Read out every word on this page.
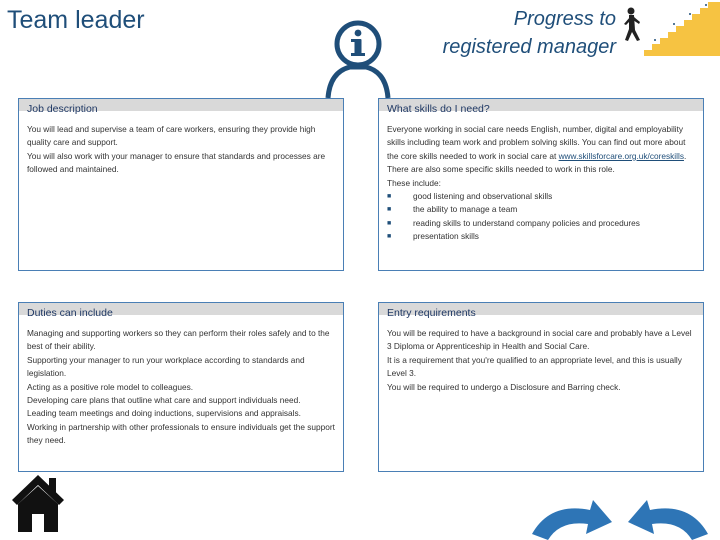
Team leader	Progress to
registered manager
Job description

You will lead and supervise a team of care workers, ensuring they provide high quality care and support.

You will also work with your manager to ensure that standards and processes are followed and maintained.

What skills do I need?

Everyone working in social care needs English, number, digital and employability skills including team work and problem solving skills. You can find out more about the core skills needed to work in social care at www.skillsforcare.org.uk/coreskills.

There are also some specific skills needed to work in this role.

These include:

■	good listening and observational skills
■	the ability to manage a team
■	reading skills to understand company policies and procedures
■	presentation skills
Duties can include

Managing and supporting workers so they can perform their roles safely and to the best of their ability.

Supporting your manager to run your workplace according to standards and legislation.

Acting as a positive role model to colleagues.

Developing care plans that outline what care and support individuals need.

Leading team meetings and doing inductions, supervisions and appraisals.

Working in partnership with other professionals to ensure individuals get the support they need.

Entry requirements

You will be required to have a background in social care and probably have a Level 3 Diploma or Apprenticeship in Health and Social Care.

It is a requirement that you're qualified to an appropriate level, and this is usually Level 3.

You will be required to undergo a Disclosure and Barring check.
